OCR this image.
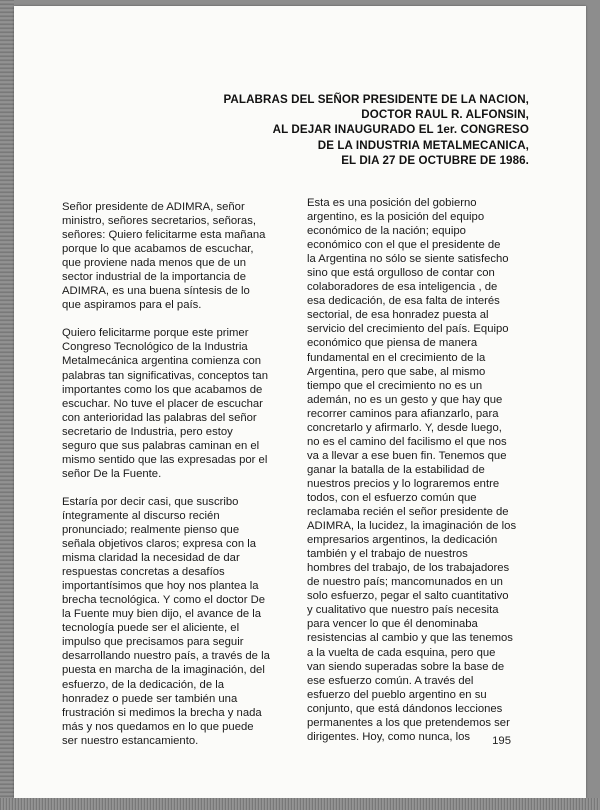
PALABRAS DEL SEÑOR PRESIDENTE DE LA NACION,
DOCTOR RAUL R. ALFONSIN,
AL DEJAR INAUGURADO EL 1er. CONGRESO
DE LA INDUSTRIA METALMECANICA,
EL DIA 27 DE OCTUBRE DE 1986.

Señor presidente de ADIMRA, señor
ministro, señores secretarios, señoras,
señores: Quiero felicitarme esta mañana
porque lo que acabamos de escuchar,
que proviene nada menos que de un
sector industrial de la importancia de
ADIMRA, es una buena síntesis de lo
que aspiramos para el país.

Quiero felicitarme porque este primer
Congreso Tecnológico de la Industria
Metalmecánica argentina comienza con
palabras tan significativas, conceptos tan
importantes como los que acabamos de
escuchar. No tuve el placer de escuchar
con anterioridad las palabras del señor
secretario de Industria, pero estoy
seguro que sus palabras caminan en el
mismo sentido que las expresadas por el
señor De la Fuente.

Estaría por decir casi, que suscribo
íntegramente al discurso recién
pronunciado; realmente pienso que
señala objetivos claros; expresa con la
misma claridad la necesidad de dar
respuestas concretas a desafíos
importantísimos que hoy nos plantea la
brecha tecnológica. Y como el doctor De
la Fuente muy bien dijo, el avance de la
tecnología puede ser el aliciente, el
impulso que precisamos para seguir
desarrollando nuestro país, a través de la
puesta en marcha de la imaginación, del
esfuerzo, de la dedicación, de la
honradez o puede ser también una
frustración si medimos la brecha y nada
más y nos quedamos en lo que puede
ser nuestro estancamiento.

Esta es una posición del gobierno
argentino, es la posición del equipo
económico de la nación; equipo
económico con el que el presidente de
la Argentina no sólo se siente satisfecho
sino que está orgulloso de contar con
colaboradores de esa inteligencia , de
esa dedicación, de esa falta de interés
sectorial, de esa honradez puesta al
servicio del crecimiento del país. Equipo
económico que piensa de manera
fundamental en el crecimiento de la
Argentina, pero que sabe, al mismo
tiempo que el crecimiento no es un
ademán, no es un gesto y que hay que
recorrer caminos para afianzarlo, para
concretarlo y afirmarlo. Y, desde luego,
no es el camino del facilismo el que nos
va a llevar a ese buen fin. Tenemos que
ganar la batalla de la estabilidad de
nuestros precios y lo lograremos entre
todos, con el esfuerzo común que
reclamaba recién el señor presidente de
ADIMRA, la lucidez, la imaginación de los
empresarios argentinos, la dedicación
también y el trabajo de nuestros
hombres del trabajo, de los trabajadores
de nuestro país; mancomunados en un
solo esfuerzo, pegar el salto cuantitativo
y cualitativo que nuestro país necesita
para vencer lo que él denominaba
resistencias al cambio y que las tenemos
a la vuelta de cada esquina, pero que
van siendo superadas sobre la base de
ese esfuerzo común. A través del
esfuerzo del pueblo argentino en su
conjunto, que está dándonos lecciones
permanentes a los que pretendemos ser
dirigentes. Hoy, como nunca, los	195
